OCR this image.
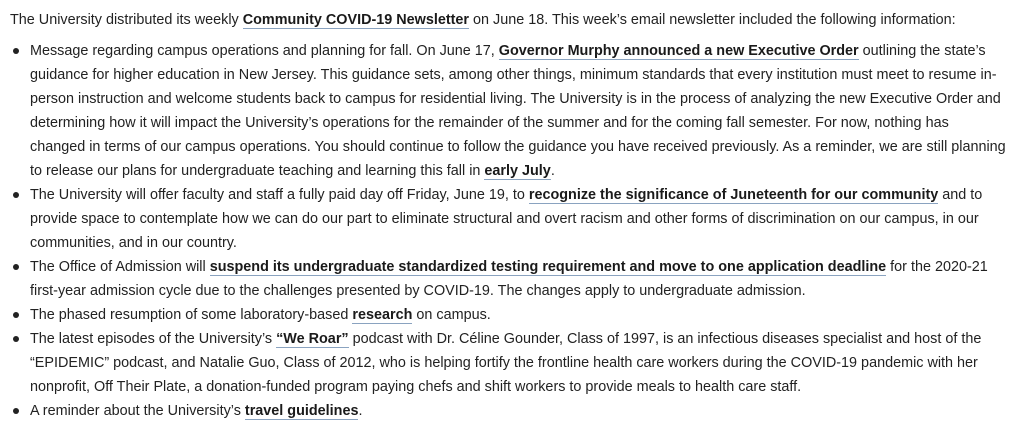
The University distributed its weekly Community COVID-19 Newsletter on June 18. This week’s email newsletter included the following information:

Message regarding campus operations and planning for fall. On June 17, Governor Murphy announced a new Executive Order outlining the state’s guidance for higher education in New Jersey. This guidance sets, among other things, minimum standards that every institution must meet to resume in-person instruction and welcome students back to campus for residential living. The University is in the process of analyzing the new Executive Order and determining how it will impact the University’s operations for the remainder of the summer and for the coming fall semester. For now, nothing has changed in terms of our campus operations. You should continue to follow the guidance you have received previously. As a reminder, we are still planning to release our plans for undergraduate teaching and learning this fall in early July.
The University will offer faculty and staff a fully paid day off Friday, June 19, to recognize the significance of Juneteenth for our community and to provide space to contemplate how we can do our part to eliminate structural and overt racism and other forms of discrimination on our campus, in our communities, and in our country.
The Office of Admission will suspend its undergraduate standardized testing requirement and move to one application deadline for the 2020-21 first-year admission cycle due to the challenges presented by COVID-19. The changes apply to undergraduate admission.
The phased resumption of some laboratory-based research on campus.
The latest episodes of the University’s “We Roar” podcast with Dr. Céline Gounder, Class of 1997, is an infectious diseases specialist and host of the “EPIDEMIC” podcast, and Natalie Guo, Class of 2012, who is helping fortify the frontline health care workers during the COVID-19 pandemic with her nonprofit, Off Their Plate, a donation-funded program paying chefs and shift workers to provide meals to health care staff.
A reminder about the University’s travel guidelines.
